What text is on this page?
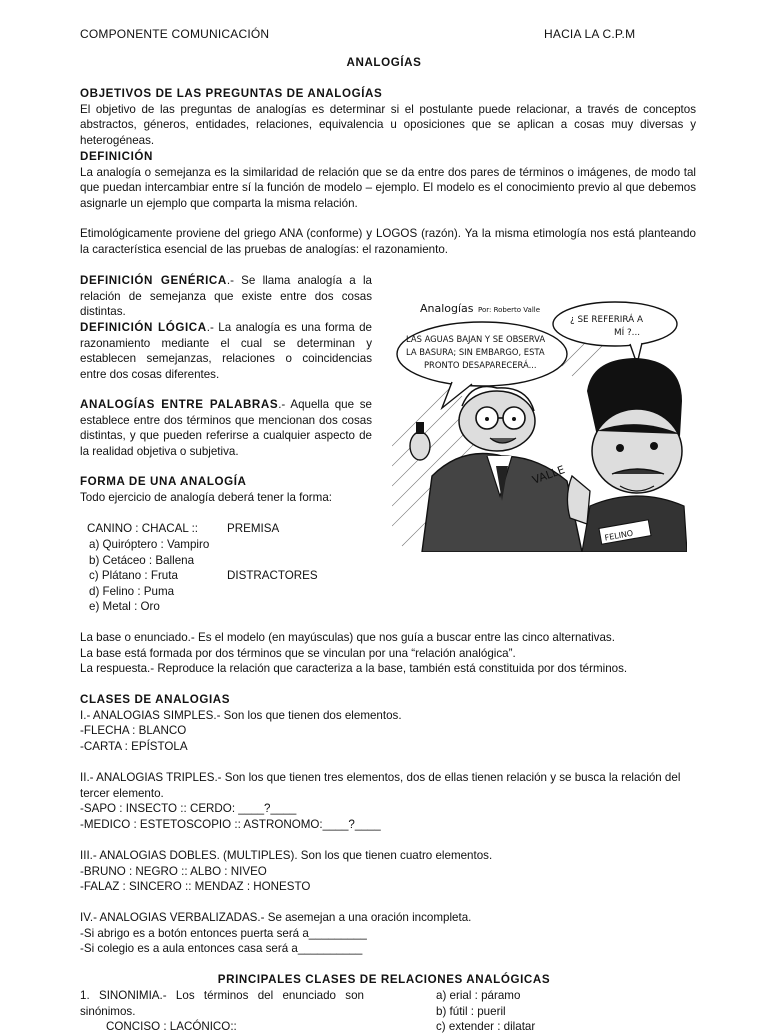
COMPONENTE COMUNICACIÓN	HACIA LA C.P.M
ANALOGÍAS
OBJETIVOS DE LAS PREGUNTAS DE ANALOGÍAS

El objetivo de las preguntas de analogías es determinar si el postulante puede relacionar, a través de conceptos abstractos, géneros, entidades, relaciones, equivalencia u oposiciones que se aplican a cosas muy diversas y heterogéneas.

DEFINICIÓN

La analogía o semejanza es la similaridad de relación que se da entre dos pares de términos o imágenes, de modo tal que puedan intercambiar entre sí la función de modelo – ejemplo. El modelo es el conocimiento previo al que debemos asignarle un ejemplo que comparta la misma relación.

Etimológicamente proviene del griego ANA (conforme) y LOGOS (razón). Ya la misma etimología nos está planteando la característica esencial de las pruebas de analogías: el razonamiento.

DEFINICIÓN GENÉRICA.- Se llama analogía a la relación de semejanza que existe entre dos cosas distintas.
DEFINICIÓN LÓGICA.- La analogía es una forma de razonamiento mediante el cual se determinan y establecen semejanzas, relaciones o coincidencias entre dos cosas diferentes.
ANALOGÍAS ENTRE PALABRAS.- Aquella que se establece entre dos términos que mencionan dos cosas distintas, y que pueden referirse a cualquier aspecto de la realidad objetiva o subjetiva.
VALLE
FELINO
Analogías Por: Roberto Valle
LAS AGUAS BAJAN Y SE OBSERVA
LA BASURA; SIN EMBARGO, ESTA
PRONTO DESAPARECERÁ...
¿ SE REFERIRÁ A
MÍ ?...
FORMA DE UNA ANALOGÍA

Todo ejercicio de analogía deberá tener la forma:

CANINO : CHACAL :: PREMISA
a) Quiróptero : Vampiro
b) Cetáceo : Ballena
c) Plátano : Fruta
d) Felino : Puma
e) Metal : Oro
DISTRACTORES

La base o enunciado.- Es el modelo (en mayúsculas) que nos guía a buscar entre las cinco alternativas.

La base está formada por dos términos que se vinculan por una “relación analógica”.

La respuesta.- Reproduce la relación que caracteriza a la base, también está constituida por dos términos.

CLASES DE ANALOGIAS

I.- ANALOGIAS SIMPLES.- Son los que tienen dos elementos.

-FLECHA : BLANCO

-CARTA : EPÍSTOLA

II.- ANALOGIAS TRIPLES.- Son los que tienen tres elementos, dos de ellas tienen relación y se busca la relación del tercer elemento.

-SAPO : INSECTO :: CERDO: ____?____

-MEDICO : ESTETOSCOPIO :: ASTRONOMO:____?____

III.- ANALOGIAS DOBLES. (MULTIPLES). Son los que tienen cuatro elementos.

-BRUNO : NEGRO :: ALBO : NIVEO

-FALAZ : SINCERO :: MENDAZ : HONESTO

IV.- ANALOGIAS VERBALIZADAS.- Se asemejan a una oración incompleta.

-Si abrigo es a botón entonces puerta será a_________

-Si colegio es a aula entonces casa será a__________

PRINCIPALES CLASES DE RELACIONES ANALÓGICAS
1. SINONIMIA.- Los términos del enunciado son sinónimos.
CONCISO : LACÓNICO::
a) erial : páramo
b) fútil : pueril
c) extender : dilatar
